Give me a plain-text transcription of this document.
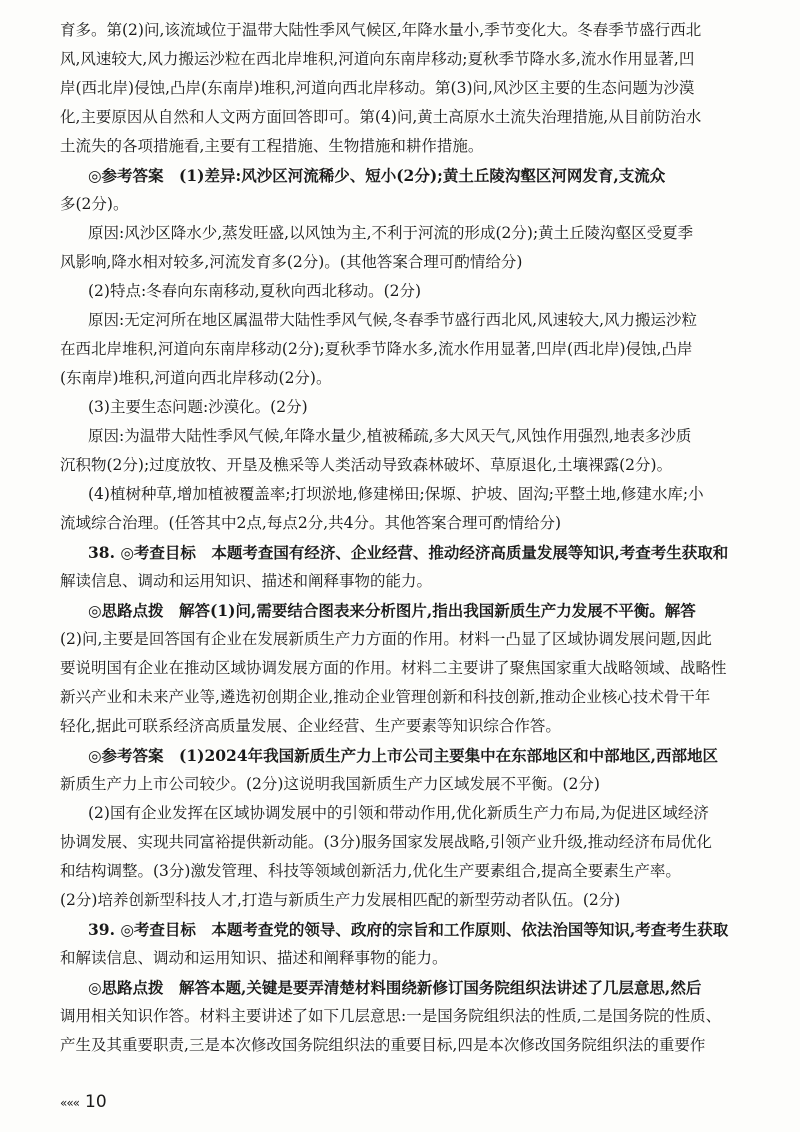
育多。第(2)问,该流域位于温带大陆性季风气候区,年降水量小,季节变化大。冬春季节盛行西北
风,风速较大,风力搬运沙粒在西北岸堆积,河道向东南岸移动;夏秋季节降水多,流水作用显著,凹
岸(西北岸)侵蚀,凸岸(东南岸)堆积,河道向西北岸移动。第(3)问,风沙区主要的生态问题为沙漠
化,主要原因从自然和人文两方面回答即可。第(4)问,黄土高原水土流失治理措施,从目前防治水
土流失的各项措施看,主要有工程措施、生物措施和耕作措施。
◎参考答案　(1)差异:风沙区河流稀少、短小(2分);黄土丘陵沟壑区河网发育,支流众
多(2分)。
原因:风沙区降水少,蒸发旺盛,以风蚀为主,不利于河流的形成(2分);黄土丘陵沟壑区受夏季
风影响,降水相对较多,河流发育多(2分)。(其他答案合理可酌情给分)
(2)特点:冬春向东南移动,夏秋向西北移动。(2分)
原因:无定河所在地区属温带大陆性季风气候,冬春季节盛行西北风,风速较大,风力搬运沙粒
在西北岸堆积,河道向东南岸移动(2分);夏秋季节降水多,流水作用显著,凹岸(西北岸)侵蚀,凸岸
(东南岸)堆积,河道向西北岸移动(2分)。
(3)主要生态问题:沙漠化。(2分)
原因:为温带大陆性季风气候,年降水量少,植被稀疏,多大风天气,风蚀作用强烈,地表多沙质
沉积物(2分);过度放牧、开垦及樵采等人类活动导致森林破坏、草原退化,土壤裸露(2分)。
(4)植树种草,增加植被覆盖率;打坝淤地,修建梯田;保塬、护坡、固沟;平整土地,修建水库;小
流域综合治理。(任答其中2点,每点2分,共4分。其他答案合理可酌情给分)
38. ◎考查目标　本题考查国有经济、企业经营、推动经济高质量发展等知识,考查考生获取和
解读信息、调动和运用知识、描述和阐释事物的能力。
◎思路点拨　解答(1)问,需要结合图表来分析图片,指出我国新质生产力发展不平衡。解答
(2)问,主要是回答国有企业在发展新质生产力方面的作用。材料一凸显了区域协调发展问题,因此
要说明国有企业在推动区域协调发展方面的作用。材料二主要讲了聚焦国家重大战略领域、战略性
新兴产业和未来产业等,遴选初创期企业,推动企业管理创新和科技创新,推动企业核心技术骨干年
轻化,据此可联系经济高质量发展、企业经营、生产要素等知识综合作答。
◎参考答案　(1)2024年我国新质生产力上市公司主要集中在东部地区和中部地区,西部地区
新质生产力上市公司较少。(2分)这说明我国新质生产力区域发展不平衡。(2分)
(2)国有企业发挥在区域协调发展中的引领和带动作用,优化新质生产力布局,为促进区域经济
协调发展、实现共同富裕提供新动能。(3分)服务国家发展战略,引领产业升级,推动经济布局优化
和结构调整。(3分)激发管理、科技等领域创新活力,优化生产要素组合,提高全要素生产率。
(2分)培养创新型科技人才,打造与新质生产力发展相匹配的新型劳动者队伍。(2分)
39. ◎考查目标　本题考查党的领导、政府的宗旨和工作原则、依法治国等知识,考查考生获取
和解读信息、调动和运用知识、描述和阐释事物的能力。
◎思路点拨　解答本题,关键是要弄清楚材料围绕新修订国务院组织法讲述了几层意思,然后
调用相关知识作答。材料主要讲述了如下几层意思:一是国务院组织法的性质,二是国务院的性质、
产生及其重要职责,三是本次修改国务院组织法的重要目标,四是本次修改国务院组织法的重要作
««« 10
